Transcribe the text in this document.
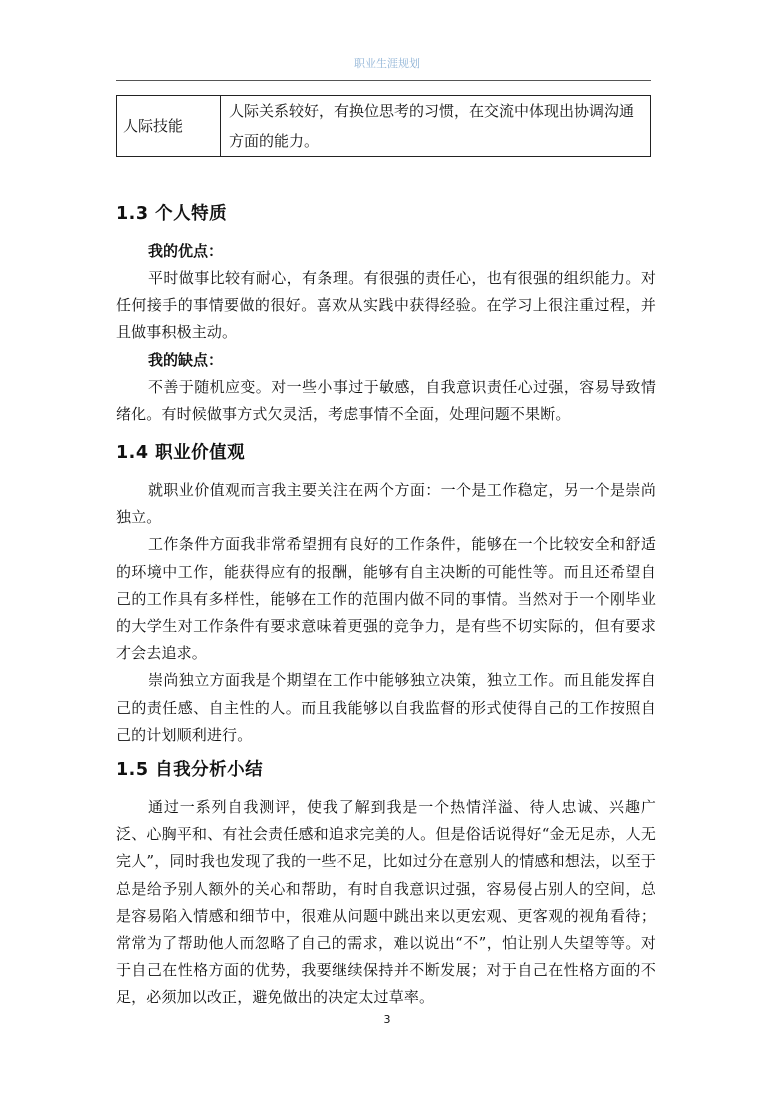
职业生涯规划
人际技能	人际关系较好，有换位思考的习惯，在交流中体现出协调沟通方面的能力。
1.3 个人特质
我的优点：

平时做事比较有耐心，有条理。有很强的责任心，也有很强的组织能力。对任何接手的事情要做的很好。喜欢从实践中获得经验。在学习上很注重过程，并且做事积极主动。

我的缺点：

不善于随机应变。对一些小事过于敏感，自我意识责任心过强，容易导致情绪化。有时候做事方式欠灵活，考虑事情不全面，处理问题不果断。

1.4 职业价值观

就职业价值观而言我主要关注在两个方面：一个是工作稳定，另一个是崇尚独立。

工作条件方面我非常希望拥有良好的工作条件，能够在一个比较安全和舒适的环境中工作，能获得应有的报酬，能够有自主决断的可能性等。而且还希望自己的工作具有多样性，能够在工作的范围内做不同的事情。当然对于一个刚毕业的大学生对工作条件有要求意味着更强的竞争力，是有些不切实际的，但有要求才会去追求。

崇尚独立方面我是个期望在工作中能够独立决策，独立工作。而且能发挥自己的责任感、自主性的人。而且我能够以自我监督的形式使得自己的工作按照自己的计划顺利进行。

1.5 自我分析小结

通过一系列自我测评，使我了解到我是一个热情洋溢、待人忠诚、兴趣广泛、心胸平和、有社会责任感和追求完美的人。但是俗话说得好“金无足赤，人无完人”，同时我也发现了我的一些不足，比如过分在意别人的情感和想法，以至于总是给予别人额外的关心和帮助，有时自我意识过强，容易侵占别人的空间，总是容易陷入情感和细节中，很难从问题中跳出来以更宏观、更客观的视角看待；常常为了帮助他人而忽略了自己的需求，难以说出“不”，怕让别人失望等等。对于自己在性格方面的优势，我要继续保持并不断发展；对于自己在性格方面的不足，必须加以改正，避免做出的决定太过草率。

3
